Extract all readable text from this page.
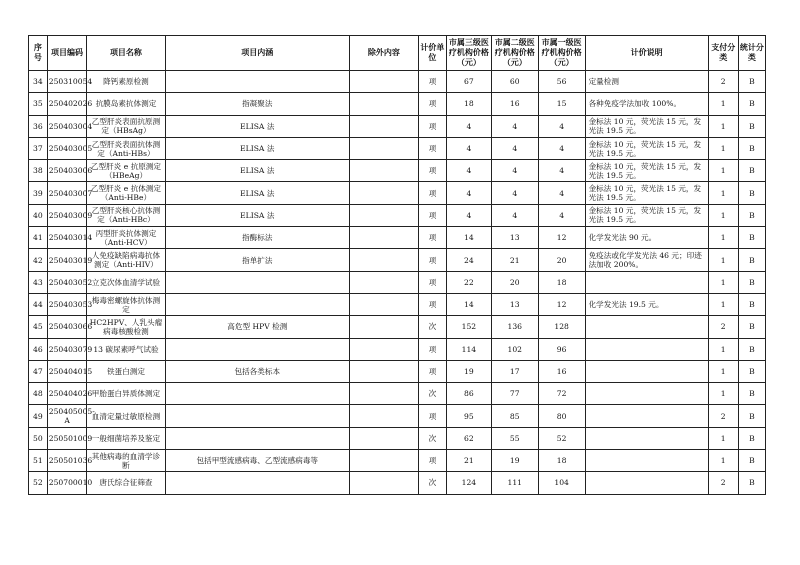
序号	项目编码	项目名称	项目内涵	除外内容	计价单位	市属三级医疗机构价格（元）	市属二级医疗机构价格（元）	市属一级医疗机构价格（元）	计价说明	支付分类	统计分类
34	250310054	降钙素原检测			项	67	60	56	定量检测	2	B
35	250402026	抗膜岛素抗体测定	指凝聚法		项	18	16	15	各种免疫学法加收 100%。	1	B
36	250403004	乙型肝炎表面抗原测定（HBsAg）	ELISA 法		项	4	4	4	金标法 10 元，荧光法 15 元，发光法 19.5 元。	1	B
37	250403005	乙型肝炎表面抗体测定（Anti-HBs）	ELISA 法		项	4	4	4	金标法 10 元，荧光法 15 元，发光法 19.5 元。	1	B
38	250403006	乙型肝炎 e 抗原测定（HBeAg）	ELISA 法		项	4	4	4	金标法 10 元，荧光法 15 元，发光法 19.5 元。	1	B
39	250403007	乙型肝炎 e 抗体测定（Anti-HBe）	ELISA 法		项	4	4	4	金标法 10 元，荧光法 15 元，发光法 19.5 元。	1	B
40	250403009	乙型肝炎核心抗体测定（Anti-HBc）	ELISA 法		项	4	4	4	金标法 10 元，荧光法 15 元，发光法 19.5 元。	1	B
41	250403014	丙型肝炎抗体测定（Anti-HCV）	指酶标法		项	14	13	12	化学发光法 90 元。	1	B
42	250403019	人免疫缺陷病毒抗体测定（Anti-HIV）	指单扩法		项	24	21	20	免疫法或化学发光法 46 元；印迹法加收 200%。	1	B
43	250403052	立克次体血清学试验			项	22	20	18		1	B
44	250403053	梅毒密螺旋体抗体测定			项	14	13	12	化学发光法 19.5 元。	1	B
45	250403066	HC2HPV、人乳头瘤病毒核酸检测	高危型 HPV 检测		次	152	136	128		2	B
46	250403079	13 碳尿素呼气试验			项	114	102	96		1	B
47	250404015	铁蛋白测定	包括各类标本		项	19	17	16		1	B
48	250404026	甲胎蛋白异质体测定			次	86	77	72		1	B
49	250405005-A	血清定量过敏原检测			项	95	85	80		2	B
50	250501009	一般细菌培养及鉴定			次	62	55	52		1	B
51	250501036	其他病毒的血清学诊断	包括甲型流感病毒、乙型流感病毒等		项	21	19	18		1	B
52	250700010	唐氏综合征筛查			次	124	111	104		2	B
